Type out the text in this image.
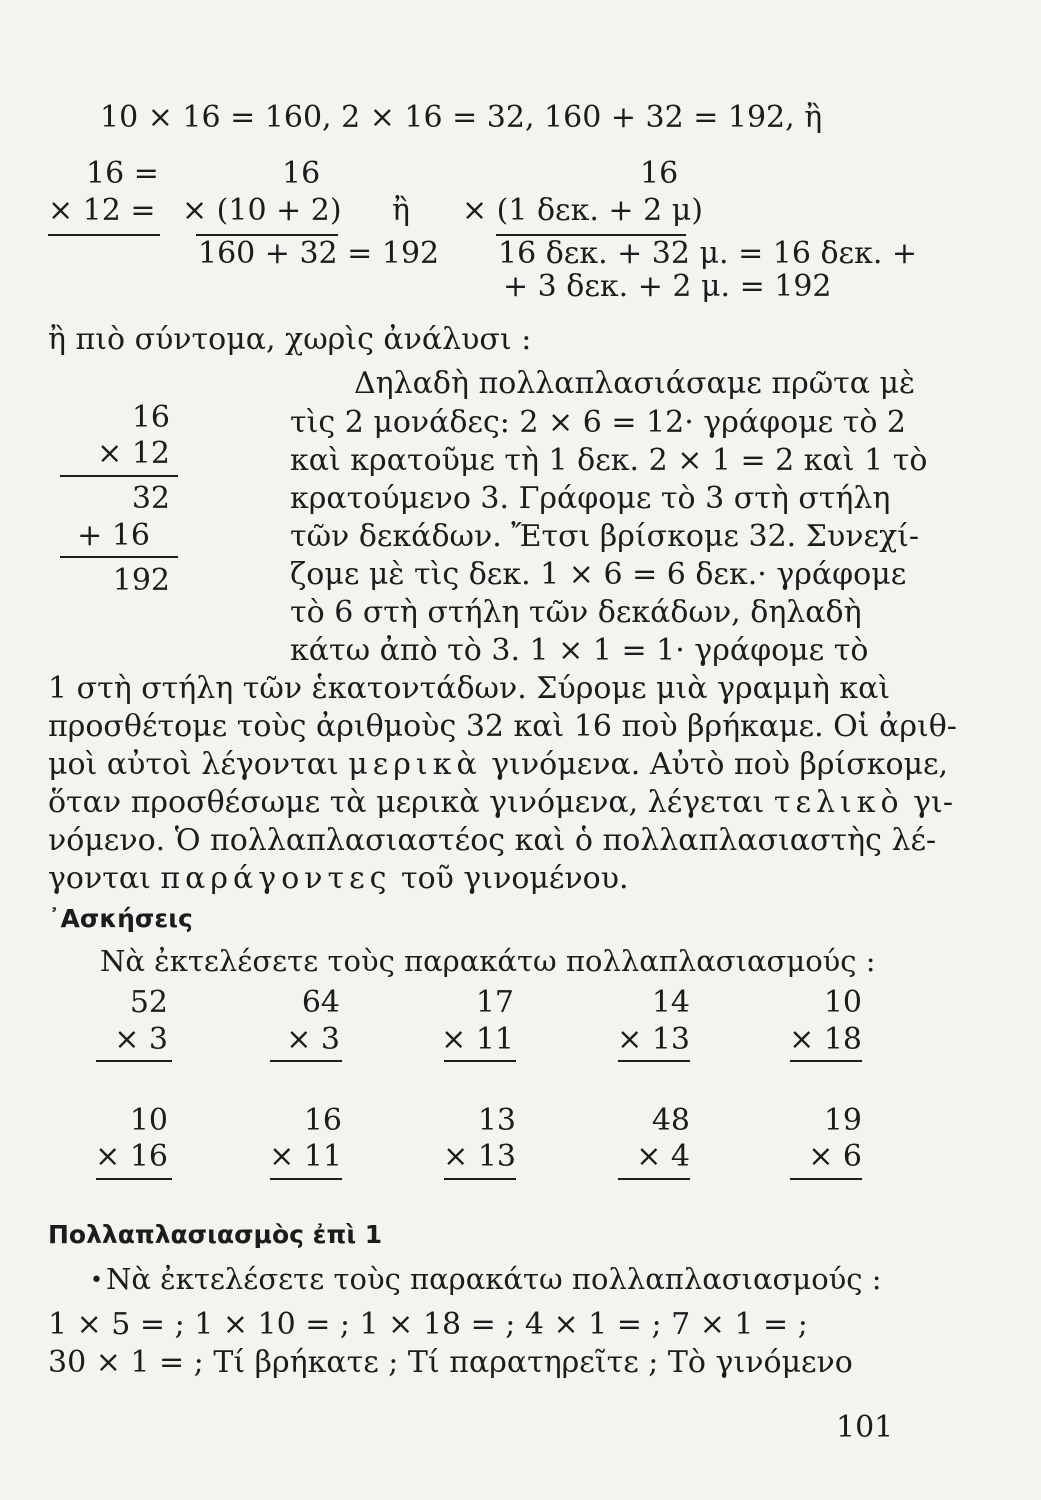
10 × 16 = 160, 2 × 16 = 32, 160 + 32 = 192, ἢ
16 =	16	16
× 12 = × (10 + 2) ἢ × (1 δεκ. + 2 μ)
160 + 32 = 192 16 δεκ. + 32 μ. = 16 δεκ. +
+ 3 δεκ. + 2 μ. = 192
ἢ πιὸ σύντομα, χωρὶς ἀνάλυσι :
16
× 12
32
+ 16
192
Δηλαδὴ πολλαπλασιάσαμε πρῶτα μὲ
τὶς 2 μονάδες: 2 × 6 = 12· γράφομε τὸ 2
καὶ κρατοῦμε τὴ 1 δεκ. 2 × 1 = 2 καὶ 1 τὸ
κρατούμενο 3. Γράφομε τὸ 3 στὴ στήλη
τῶν δεκάδων. Ἔτσι βρίσκομε 32. Συνεχί-
ζομε μὲ τὶς δεκ. 1 × 6 = 6 δεκ.· γράφομε
τὸ 6 στὴ στήλη τῶν δεκάδων, δηλαδὴ
κάτω ἀπὸ τὸ 3. 1 × 1 = 1· γράφομε τὸ
1 στὴ στήλη τῶν ἑκατοντάδων. Σύρομε μιὰ γραμμὴ καὶ
προσθέτομε τοὺς ἀριθμοὺς 32 καὶ 16 ποὺ βρήκαμε. Οἱ ἀριθ-
μοὶ αὐτοὶ λέγονται μερικὰ γινόμενα. Αὐτὸ ποὺ βρίσκομε,
ὅταν προσθέσωμε τὰ μερικὰ γινόμενα, λέγεται τελικὸ γι-
νόμενο. Ὁ πολλαπλασιαστέος καὶ ὁ πολλαπλασιαστὴς λέ-
γονται παράγοντες τοῦ γινομένου.
᾿Ασκήσεις
Νὰ ἐκτελέσετε τοὺς παρακάτω πολλαπλασιασμούς :
52
× 3
64
× 3
17
× 11
14
× 13
10
× 18
10
× 16
16
× 11
13
× 13
48
× 4
19
× 6
Πολλαπλασιασμὸς ἐπὶ 1
• Νὰ ἐκτελέσετε τοὺς παρακάτω πολλαπλασιασμούς :
1 × 5 = ; 1 × 10 = ; 1 × 18 = ; 4 × 1 = ; 7 × 1 = ;
30 × 1 = ; Τί βρήκατε ; Τί παρατηρεῖτε ; Τὸ γινόμενο
101
